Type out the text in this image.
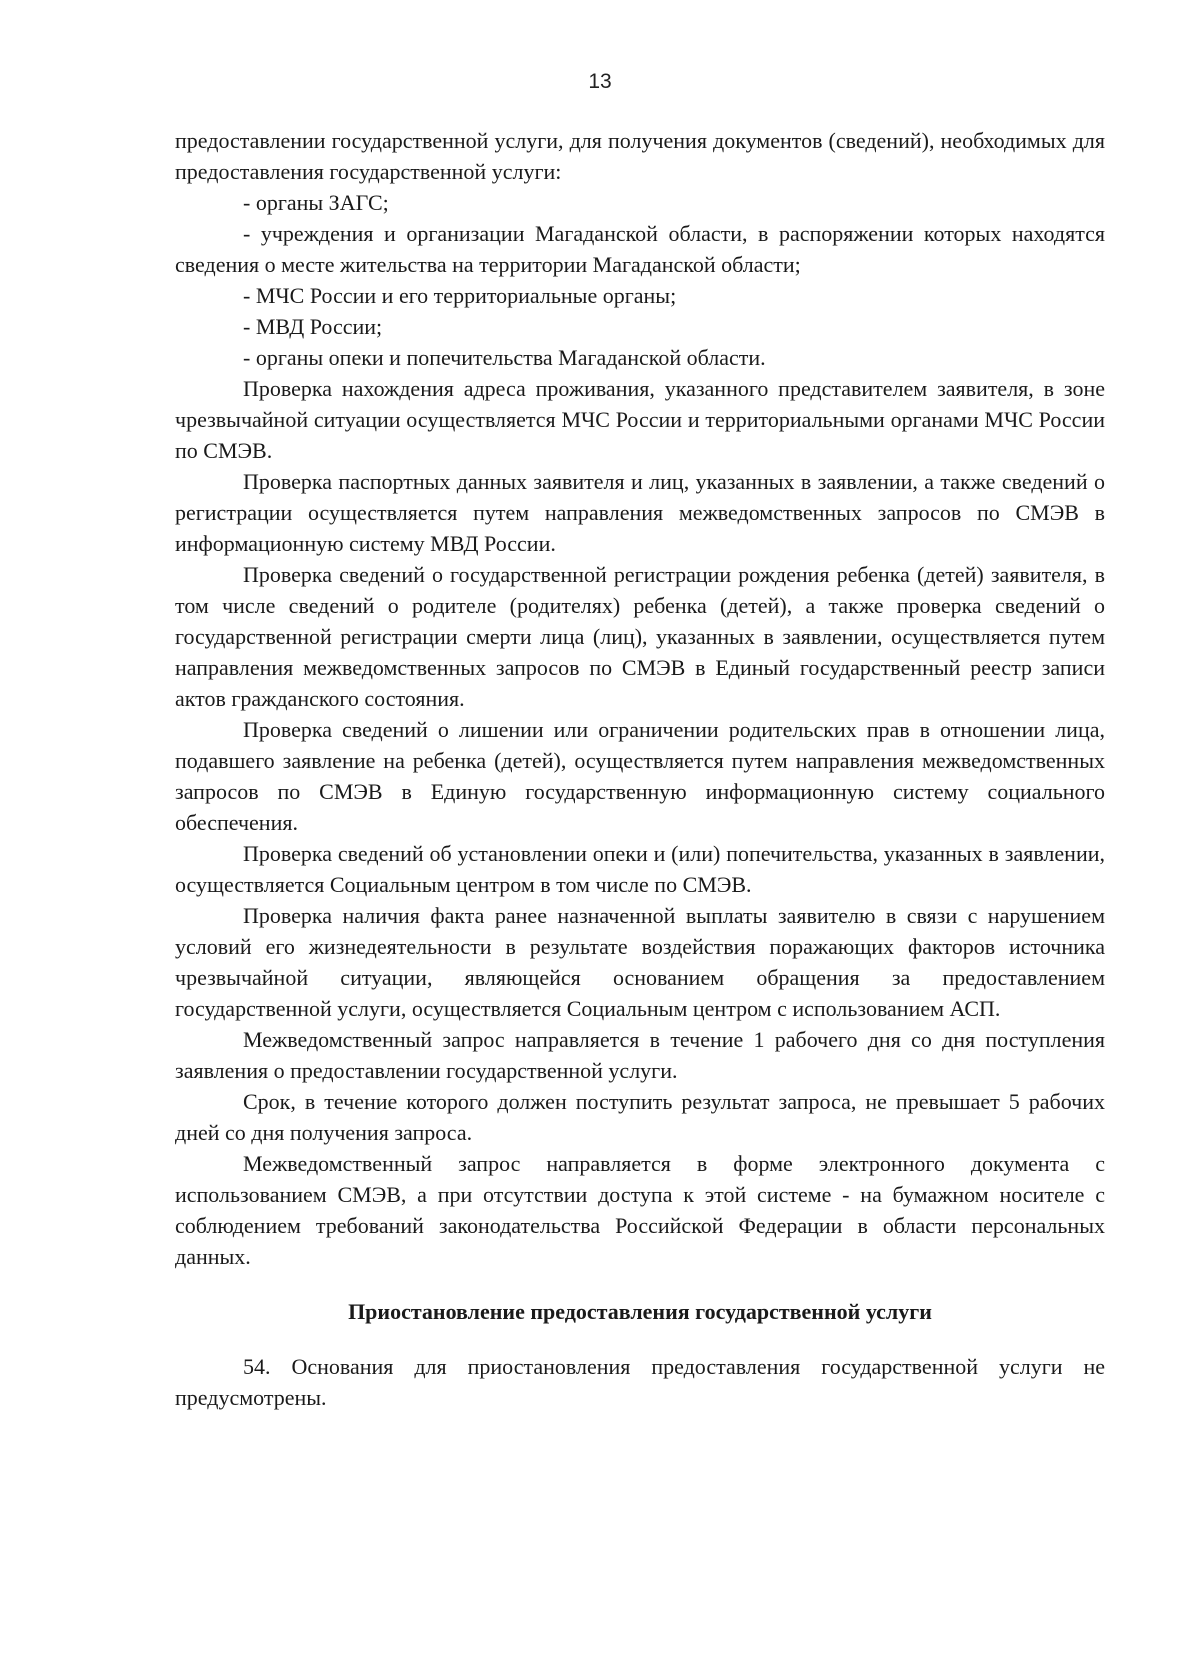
13

предоставлении государственной услуги, для получения документов (сведений), необходимых для предоставления государственной услуги:

- органы ЗАГС;

- учреждения и организации Магаданской области, в распоряжении которых находятся сведения о месте жительства на территории Магаданской области;

- МЧС России и его территориальные органы;

- МВД России;

- органы опеки и попечительства Магаданской области.

Проверка нахождения адреса проживания, указанного представителем заявителя, в зоне чрезвычайной ситуации осуществляется МЧС России и территориальными органами МЧС России по СМЭВ.

Проверка паспортных данных заявителя и лиц, указанных в заявлении, а также сведений о регистрации осуществляется путем направления межведомственных запросов по СМЭВ в информационную систему МВД России.

Проверка сведений о государственной регистрации рождения ребенка (детей) заявителя, в том числе сведений о родителе (родителях) ребенка (детей), а также проверка сведений о государственной регистрации смерти лица (лиц), указанных в заявлении, осуществляется путем направления межведомственных запросов по СМЭВ в Единый государственный реестр записи актов гражданского состояния.

Проверка сведений о лишении или ограничении родительских прав в отношении лица, подавшего заявление на ребенка (детей), осуществляется путем направления межведомственных запросов по СМЭВ в Единую государственную информационную систему социального обеспечения.

Проверка сведений об установлении опеки и (или) попечительства, указанных в заявлении, осуществляется Социальным центром в том числе по СМЭВ.

Проверка наличия факта ранее назначенной выплаты заявителю в связи с нарушением условий его жизнедеятельности в результате воздействия поражающих факторов источника чрезвычайной ситуации, являющейся основанием обращения за предоставлением государственной услуги, осуществляется Социальным центром с использованием АСП.

Межведомственный запрос направляется в течение 1 рабочего дня со дня поступления заявления о предоставлении государственной услуги.

Срок, в течение которого должен поступить результат запроса, не превышает 5 рабочих дней со дня получения запроса.

Межведомственный запрос направляется в форме электронного документа с использованием СМЭВ, а при отсутствии доступа к этой системе - на бумажном носителе с соблюдением требований законодательства Российской Федерации в области персональных данных.

Приостановление предоставления государственной услуги

54. Основания для приостановления предоставления государственной услуги не предусмотрены.
